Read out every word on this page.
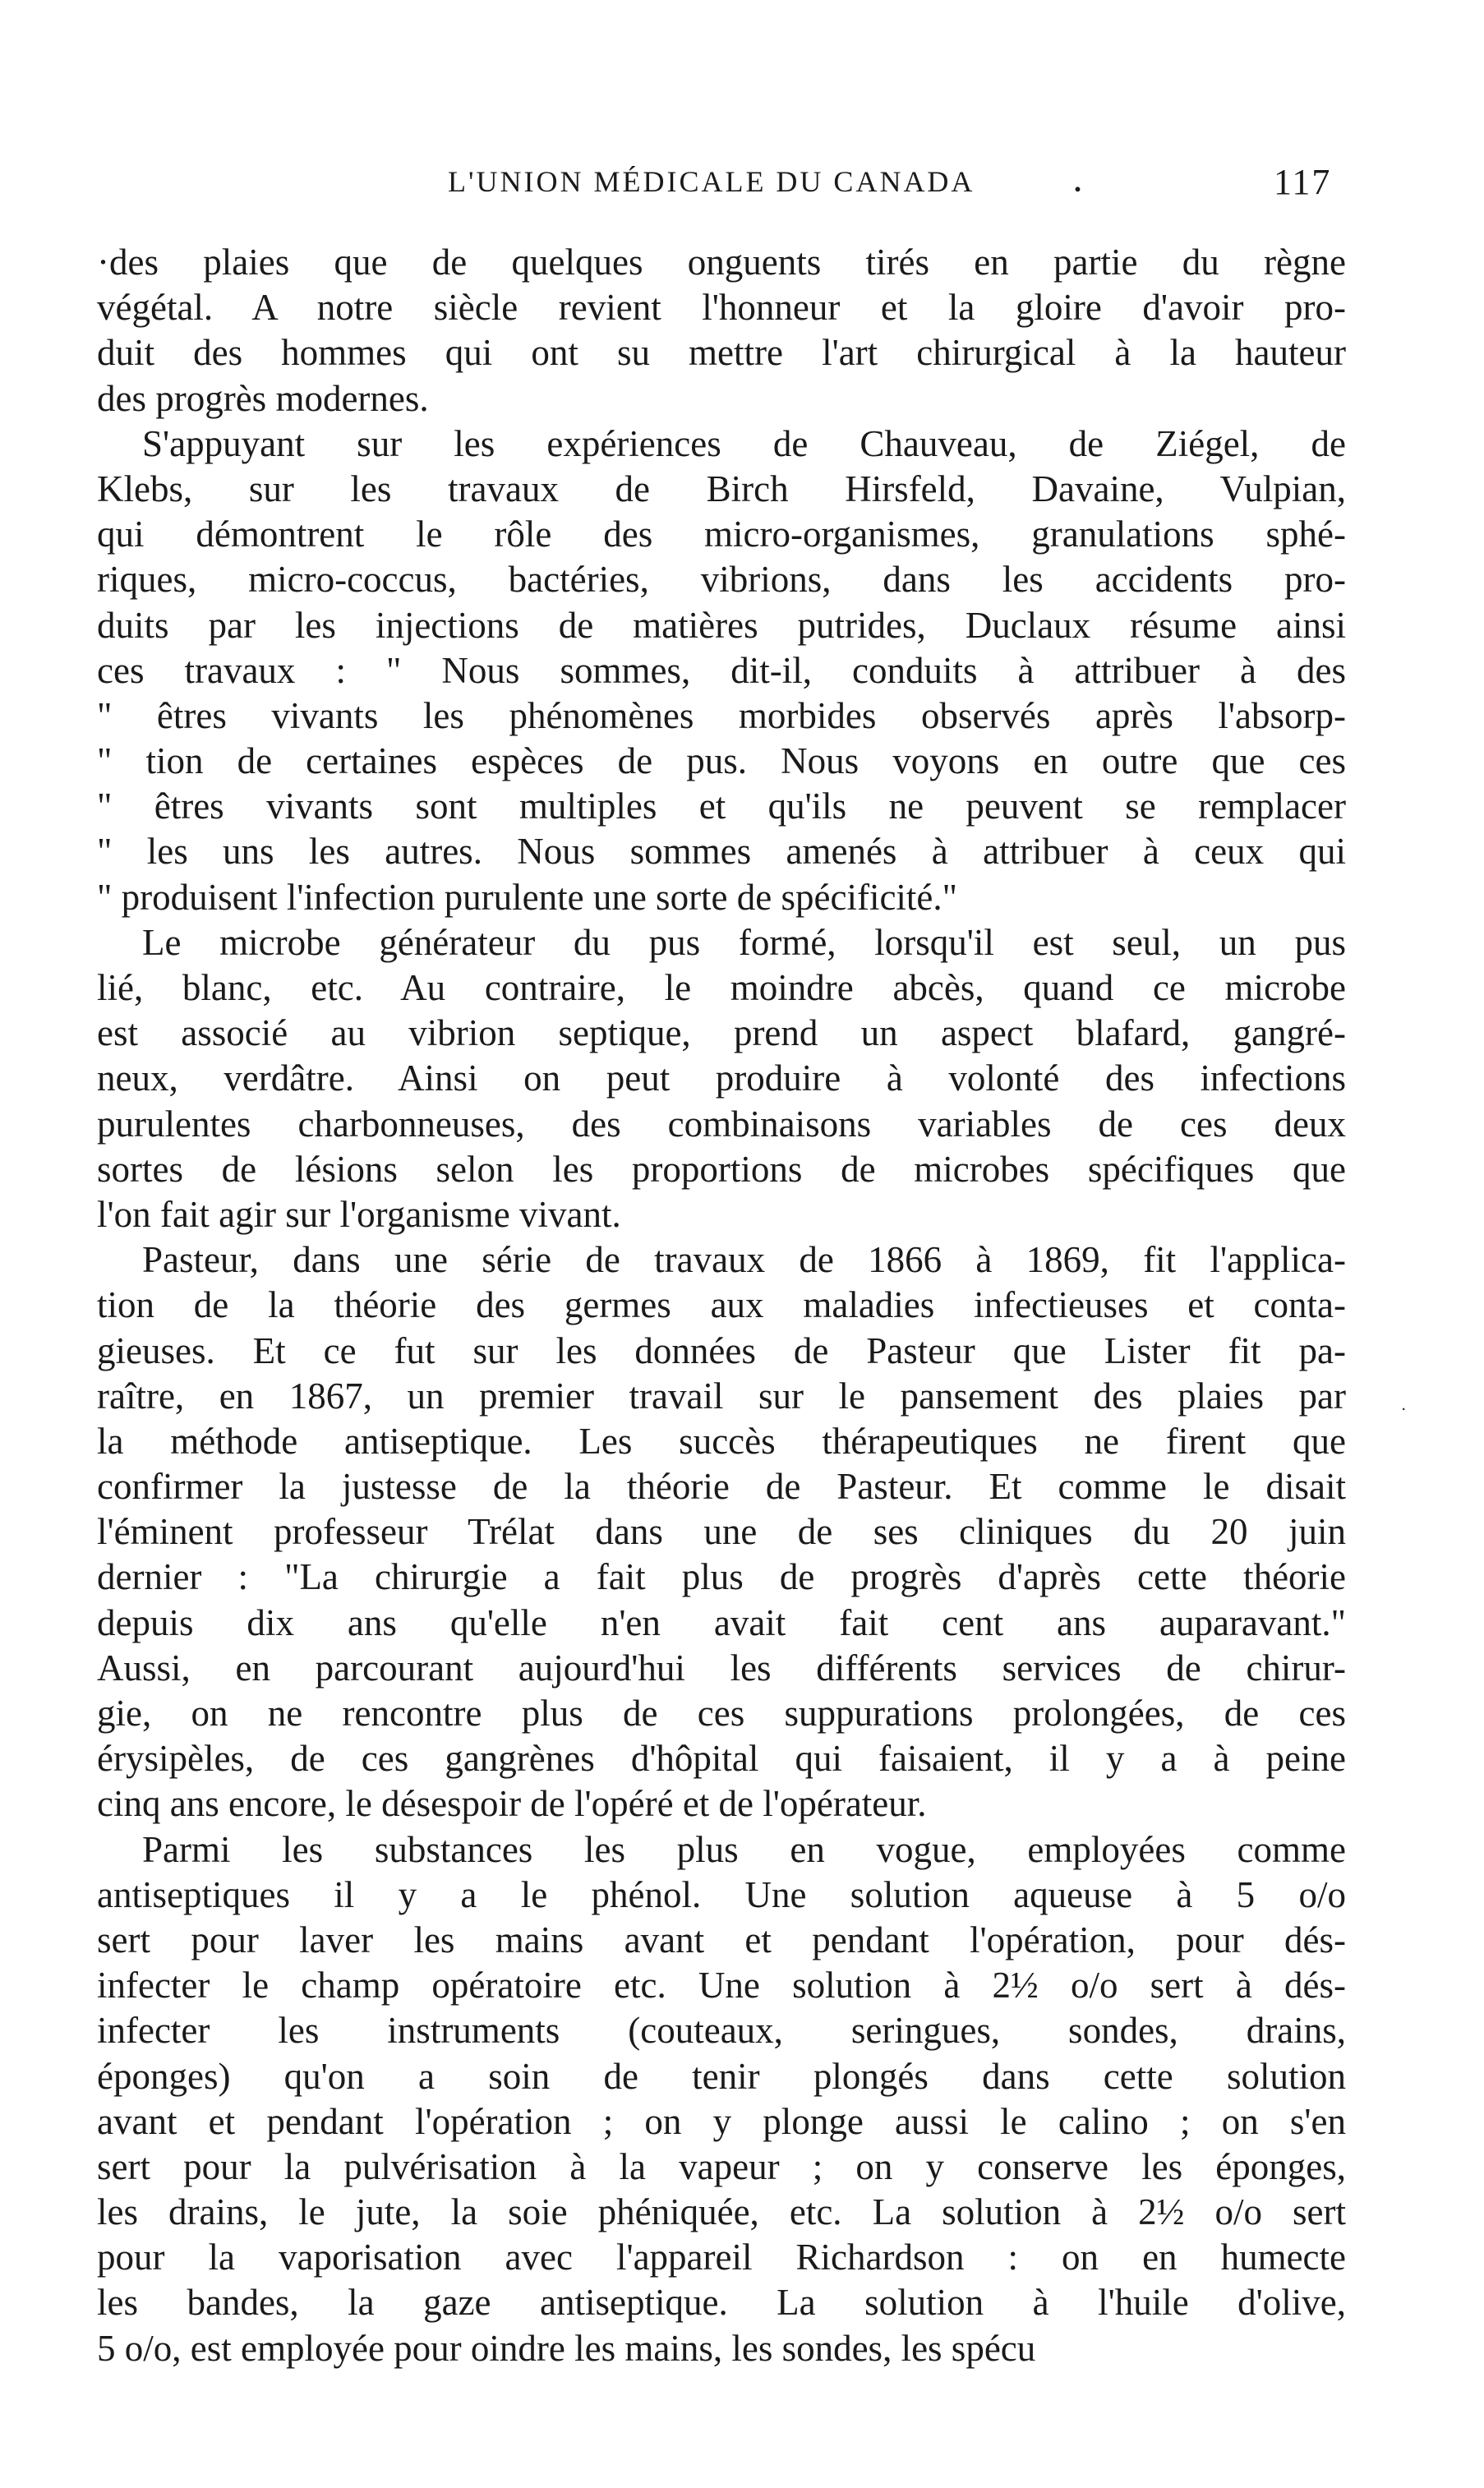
L'UNION MÉDICALE DU CANADA	.	117
·des plaies que de quelques onguents tirés en partie du règne
végétal. A notre siècle revient l'honneur et la gloire d'avoir pro-
duit des hommes qui ont su mettre l'art chirurgical à la hauteur
des progrès modernes.
S'appuyant sur les expériences de Chauveau, de Ziégel, de
Klebs, sur les travaux de Birch Hirsfeld, Davaine, Vulpian,
qui démontrent le rôle des micro-organismes, granulations sphé-
riques, micro-coccus, bactéries, vibrions, dans les accidents pro-
duits par les injections de matières putrides, Duclaux résume ainsi
ces travaux : " Nous sommes, dit-il, conduits à attribuer à des
" êtres vivants les phénomènes morbides observés après l'absorp-
" tion de certaines espèces de pus. Nous voyons en outre que ces
" êtres vivants sont multiples et qu'ils ne peuvent se remplacer
" les uns les autres. Nous sommes amenés à attribuer à ceux qui
" produisent l'infection purulente une sorte de spécificité."
Le microbe générateur du pus formé, lorsqu'il est seul, un pus
lié, blanc, etc. Au contraire, le moindre abcès, quand ce microbe
est associé au vibrion septique, prend un aspect blafard, gangré-
neux, verdâtre. Ainsi on peut produire à volonté des infections
purulentes charbonneuses, des combinaisons variables de ces deux
sortes de lésions selon les proportions de microbes spécifiques que
l'on fait agir sur l'organisme vivant.
Pasteur, dans une série de travaux de 1866 à 1869, fit l'applica-
tion de la théorie des germes aux maladies infectieuses et conta-
gieuses. Et ce fut sur les données de Pasteur que Lister fit pa-
raître, en 1867, un premier travail sur le pansement des plaies par
la méthode antiseptique. Les succès thérapeutiques ne firent que
confirmer la justesse de la théorie de Pasteur. Et comme le disait
l'éminent professeur Trélat dans une de ses cliniques du 20 juin
dernier : "La chirurgie a fait plus de progrès d'après cette théorie
depuis dix ans qu'elle n'en avait fait cent ans auparavant."
Aussi, en parcourant aujourd'hui les différents services de chirur-
gie, on ne rencontre plus de ces suppurations prolongées, de ces
érysipèles, de ces gangrènes d'hôpital qui faisaient, il y a à peine
cinq ans encore, le désespoir de l'opéré et de l'opérateur.
Parmi les substances les plus en vogue, employées comme
antiseptiques il y a le phénol. Une solution aqueuse à 5 o/o
sert pour laver les mains avant et pendant l'opération, pour dés-
infecter le champ opératoire etc. Une solution à 2½ o/o sert à dés-
infecter les instruments (couteaux, seringues, sondes, drains,
éponges) qu'on a soin de tenir plongés dans cette solution
avant et pendant l'opération ; on y plonge aussi le calino ; on s'en
sert pour la pulvérisation à la vapeur ; on y conserve les éponges,
les drains, le jute, la soie phéniquée, etc. La solution à 2½ o/o sert
pour la vaporisation avec l'appareil Richardson : on en humecte
les bandes, la gaze antiseptique. La solution à l'huile d'olive,
5 o/o, est employée pour oindre les mains, les sondes, les spécu
.
